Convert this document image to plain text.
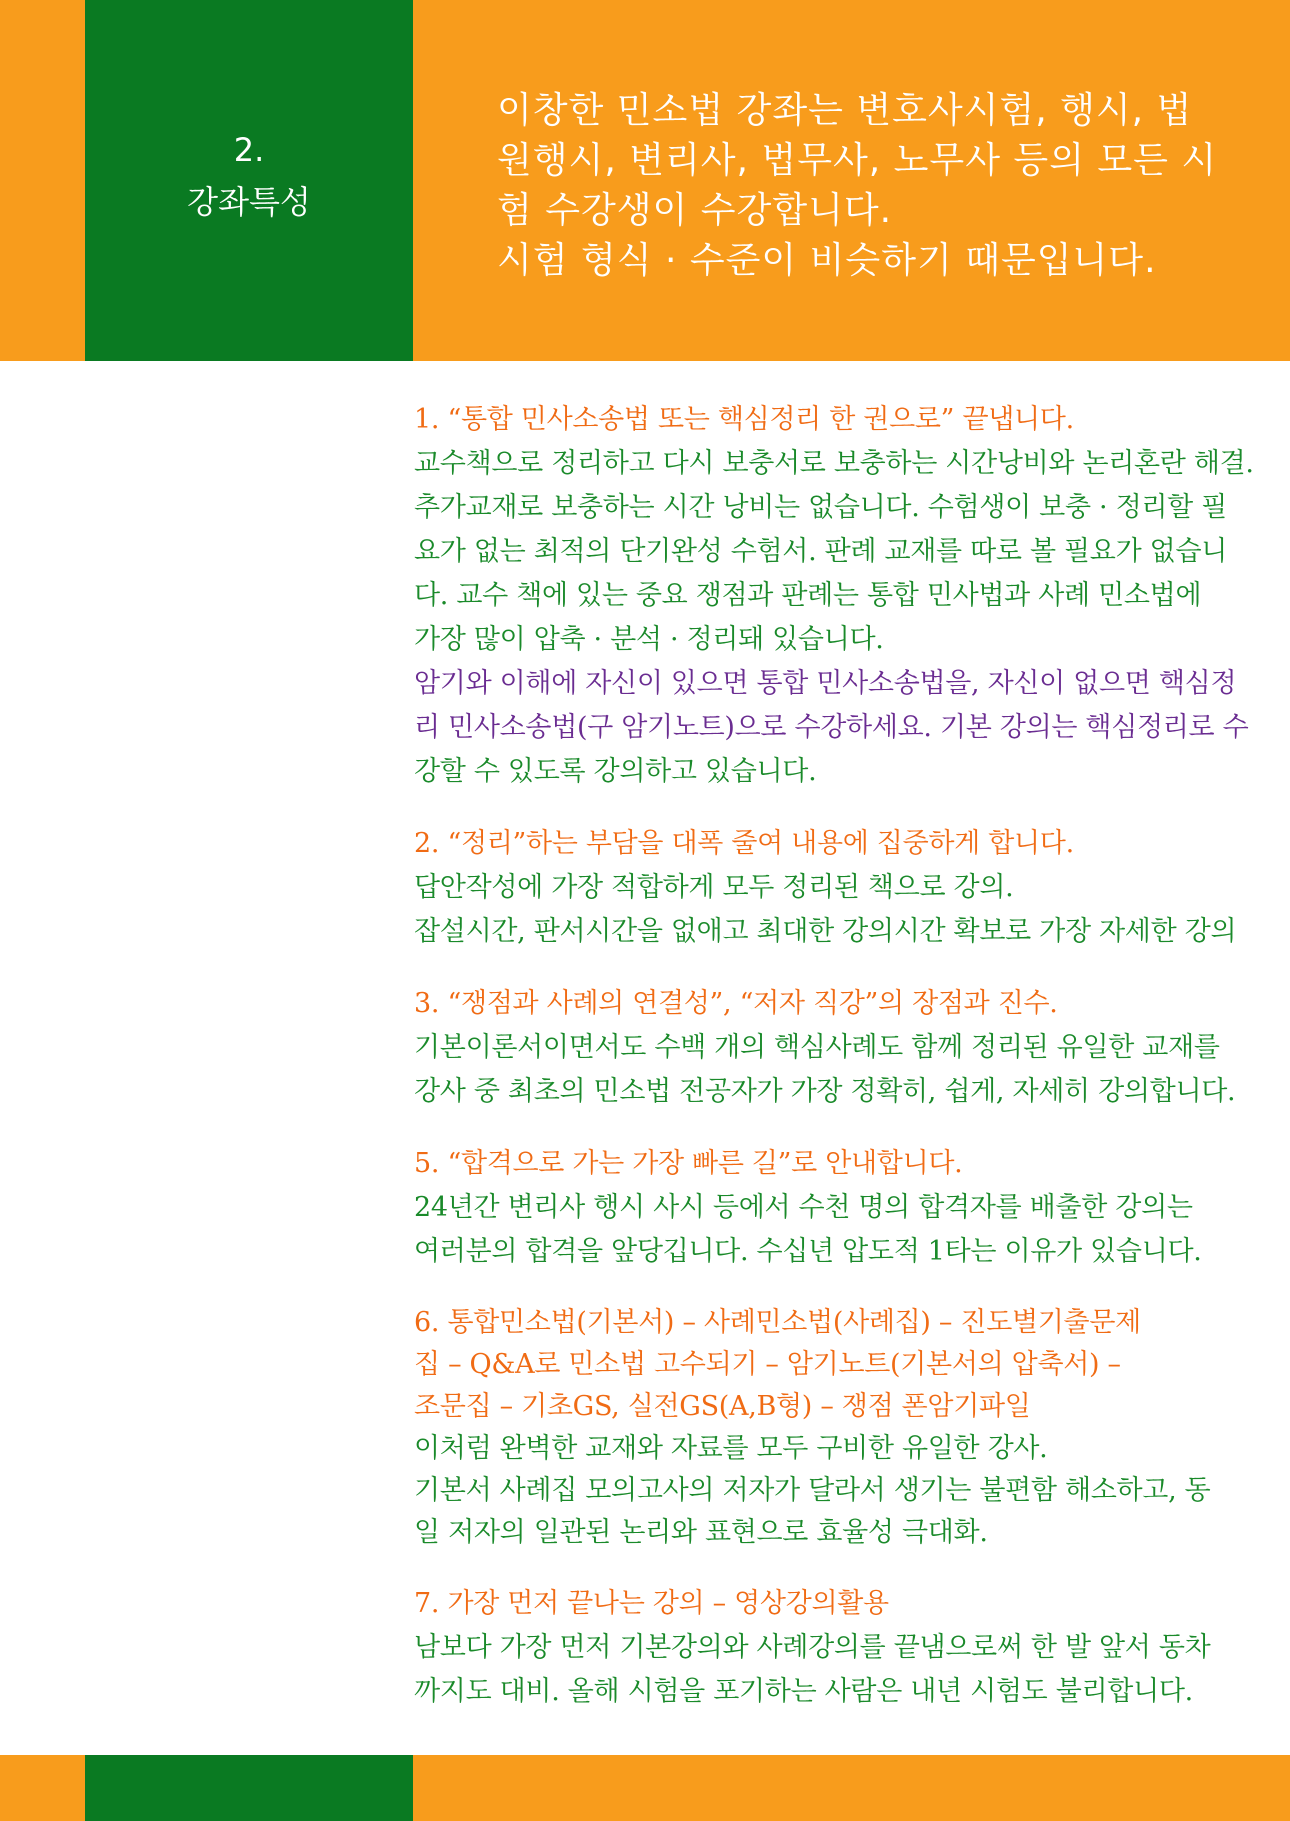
2.
강좌특성
이창한 민소법 강좌는 변호사시험, 행시, 법
원행시, 변리사, 법무사, 노무사 등의 모든 시
험 수강생이 수강합니다.
시험 형식 · 수준이 비슷하기 때문입니다.
1. “통합 민사소송법 또는 핵심정리 한 권으로” 끝냅니다.
교수책으로 정리하고 다시 보충서로 보충하는 시간낭비와 논리혼란 해결.
추가교재로 보충하는 시간 낭비는 없습니다. 수험생이 보충 · 정리할 필
요가 없는 최적의 단기완성 수험서. 판례 교재를 따로 볼 필요가 없습니
다. 교수 책에 있는 중요 쟁점과 판례는 통합 민사법과 사례 민소법에
가장 많이 압축 · 분석 · 정리돼 있습니다.
암기와 이해에 자신이 있으면 통합 민사소송법을, 자신이 없으면 핵심정
리 민사소송법(구 암기노트)으로 수강하세요. 기본 강의는 핵심정리로 수
강할 수 있도록 강의하고 있습니다.
2. “정리”하는 부담을 대폭 줄여 내용에 집중하게 합니다.
답안작성에 가장 적합하게 모두 정리된 책으로 강의.
잡설시간, 판서시간을 없애고 최대한 강의시간 확보로 가장 자세한 강의
3. “쟁점과 사례의 연결성”, “저자 직강”의 장점과 진수.
기본이론서이면서도 수백 개의 핵심사례도 함께 정리된 유일한 교재를
강사 중 최초의 민소법 전공자가 가장 정확히, 쉽게, 자세히 강의합니다.
5. “합격으로 가는 가장 빠른 길”로 안내합니다.
24년간 변리사 행시 사시 등에서 수천 명의 합격자를 배출한 강의는
여러분의 합격을 앞당깁니다. 수십년 압도적 1타는 이유가 있습니다.
6. 통합민소법(기본서) – 사례민소법(사례집) – 진도별기출문제
집 – Q&A로 민소법 고수되기 – 암기노트(기본서의 압축서) –
조문집 – 기초GS, 실전GS(A,B형) – 쟁점 폰암기파일
이처럼 완벽한 교재와 자료를 모두 구비한 유일한 강사.
기본서 사례집 모의고사의 저자가 달라서 생기는 불편함 해소하고, 동
일 저자의 일관된 논리와 표현으로 효율성 극대화.
7. 가장 먼저 끝나는 강의 – 영상강의활용
남보다 가장 먼저 기본강의와 사례강의를 끝냄으로써 한 발 앞서 동차
까지도 대비. 올해 시험을 포기하는 사람은 내년 시험도 불리합니다.
